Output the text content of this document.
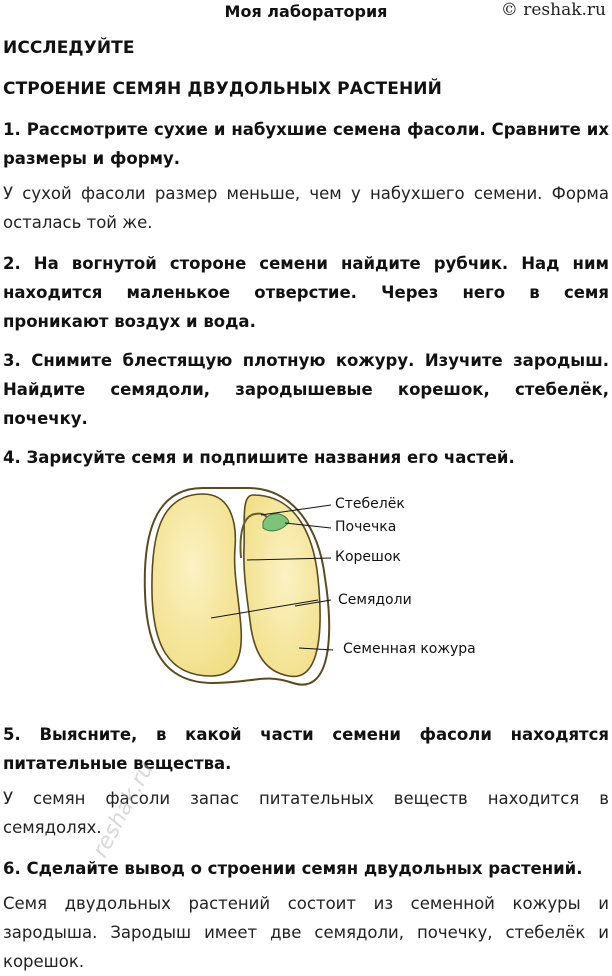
Моя лаборатория	© reshak.ru
ИССЛЕДУЙТЕ
СТРОЕНИЕ СЕМЯН ДВУДОЛЬНЫХ РАСТЕНИЙ
1. Рассмотрите сухие и набухшие семена фасоли. Сравните их размеры и форму.
У сухой фасоли размер меньше, чем у набухшего семени. Форма осталась той же.
2. На вогнутой стороне семени найдите рубчик. Над ним находится маленькое отверстие. Через него в семя проникают воздух и вода.
3. Снимите блестящую плотную кожуру. Изучите зародыш. Найдите семядоли, зародышевые корешок, стебелёк, почечку.
4. Зарисуйте семя и подпишите названия его частей.
Стебелёк
Почечка
Корешок
Семядоли
Семенная кожура
5. Выясните, в какой части семени фасоли находятся питательные вещества.
У семян фасоли запас питательных веществ находится в семядолях.
6. Сделайте вывод о строении семян двудольных растений.
Семя двудольных растений состоит из семенной кожуры и зародыша. Зародыш имеет две семядоли, почечку, стебелёк и корешок.
reshak.ru
